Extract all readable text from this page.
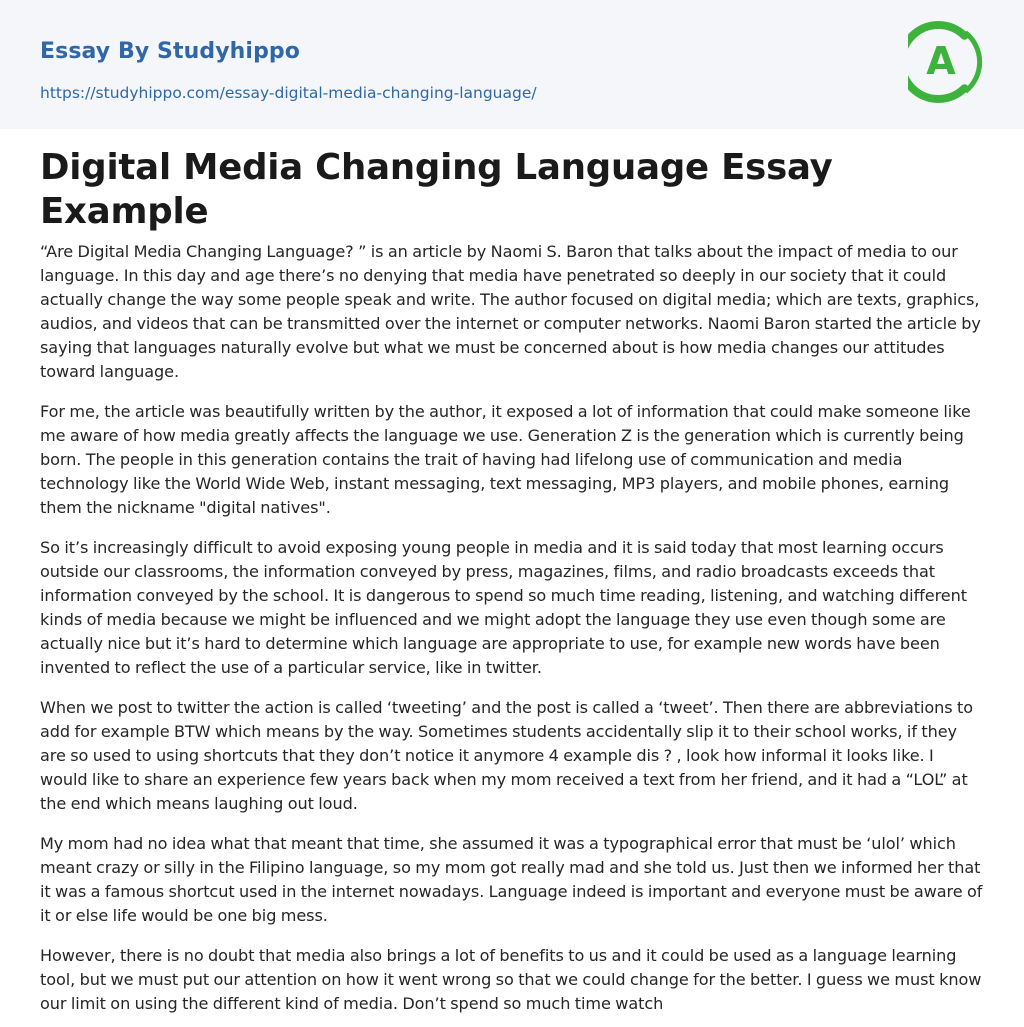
Essay By Studyhippo
https://studyhippo.com/essay-digital-media-changing-language/
A
Digital Media Changing Language Essay Example

“Are Digital Media Changing Language? ” is an article by Naomi S. Baron that talks about the impact of media to our language. In this day and age there’s no denying that media have penetrated so deeply in our society that it could actually change the way some people speak and write. The author focused on digital media; which are texts, graphics, audios, and videos that can be transmitted over the internet or computer networks. Naomi Baron started the article by saying that languages naturally evolve but what we must be concerned about is how media changes our attitudes toward language.

For me, the article was beautifully written by the author, it exposed a lot of information that could make someone like me aware of how media greatly affects the language we use. Generation Z is the generation which is currently being born. The people in this generation contains the trait of having had lifelong use of communication and media technology like the World Wide Web, instant messaging, text messaging, MP3 players, and mobile phones, earning them the nickname "digital natives".

So it’s increasingly difficult to avoid exposing young people in media and it is said today that most learning occurs outside our classrooms, the information conveyed by press, magazines, films, and radio broadcasts exceeds that information conveyed by the school. It is dangerous to spend so much time reading, listening, and watching different kinds of media because we might be influenced and we might adopt the language they use even though some are actually nice but it’s hard to determine which language are appropriate to use, for example new words have been invented to reflect the use of a particular service, like in twitter.

When we post to twitter the action is called ‘tweeting’ and the post is called a ‘tweet’. Then there are abbreviations to add for example BTW which means by the way. Sometimes students accidentally slip it to their school works, if they are so used to using shortcuts that they don’t notice it anymore 4 example dis ? , look how informal it looks like. I would like to share an experience few years back when my mom received a text from her friend, and it had a “LOL” at the end which means laughing out loud.

My mom had no idea what that meant that time, she assumed it was a typographical error that must be ‘ulol’ which meant crazy or silly in the Filipino language, so my mom got really mad and she told us. Just then we informed her that it was a famous shortcut used in the internet nowadays. Language indeed is important and everyone must be aware of it or else life would be one big mess.

However, there is no doubt that media also brings a lot of benefits to us and it could be used as a language learning tool, but we must put our attention on how it went wrong so that we could change for the better. I guess we must know our limit on using the different kind of media. Don’t spend so much time watch
